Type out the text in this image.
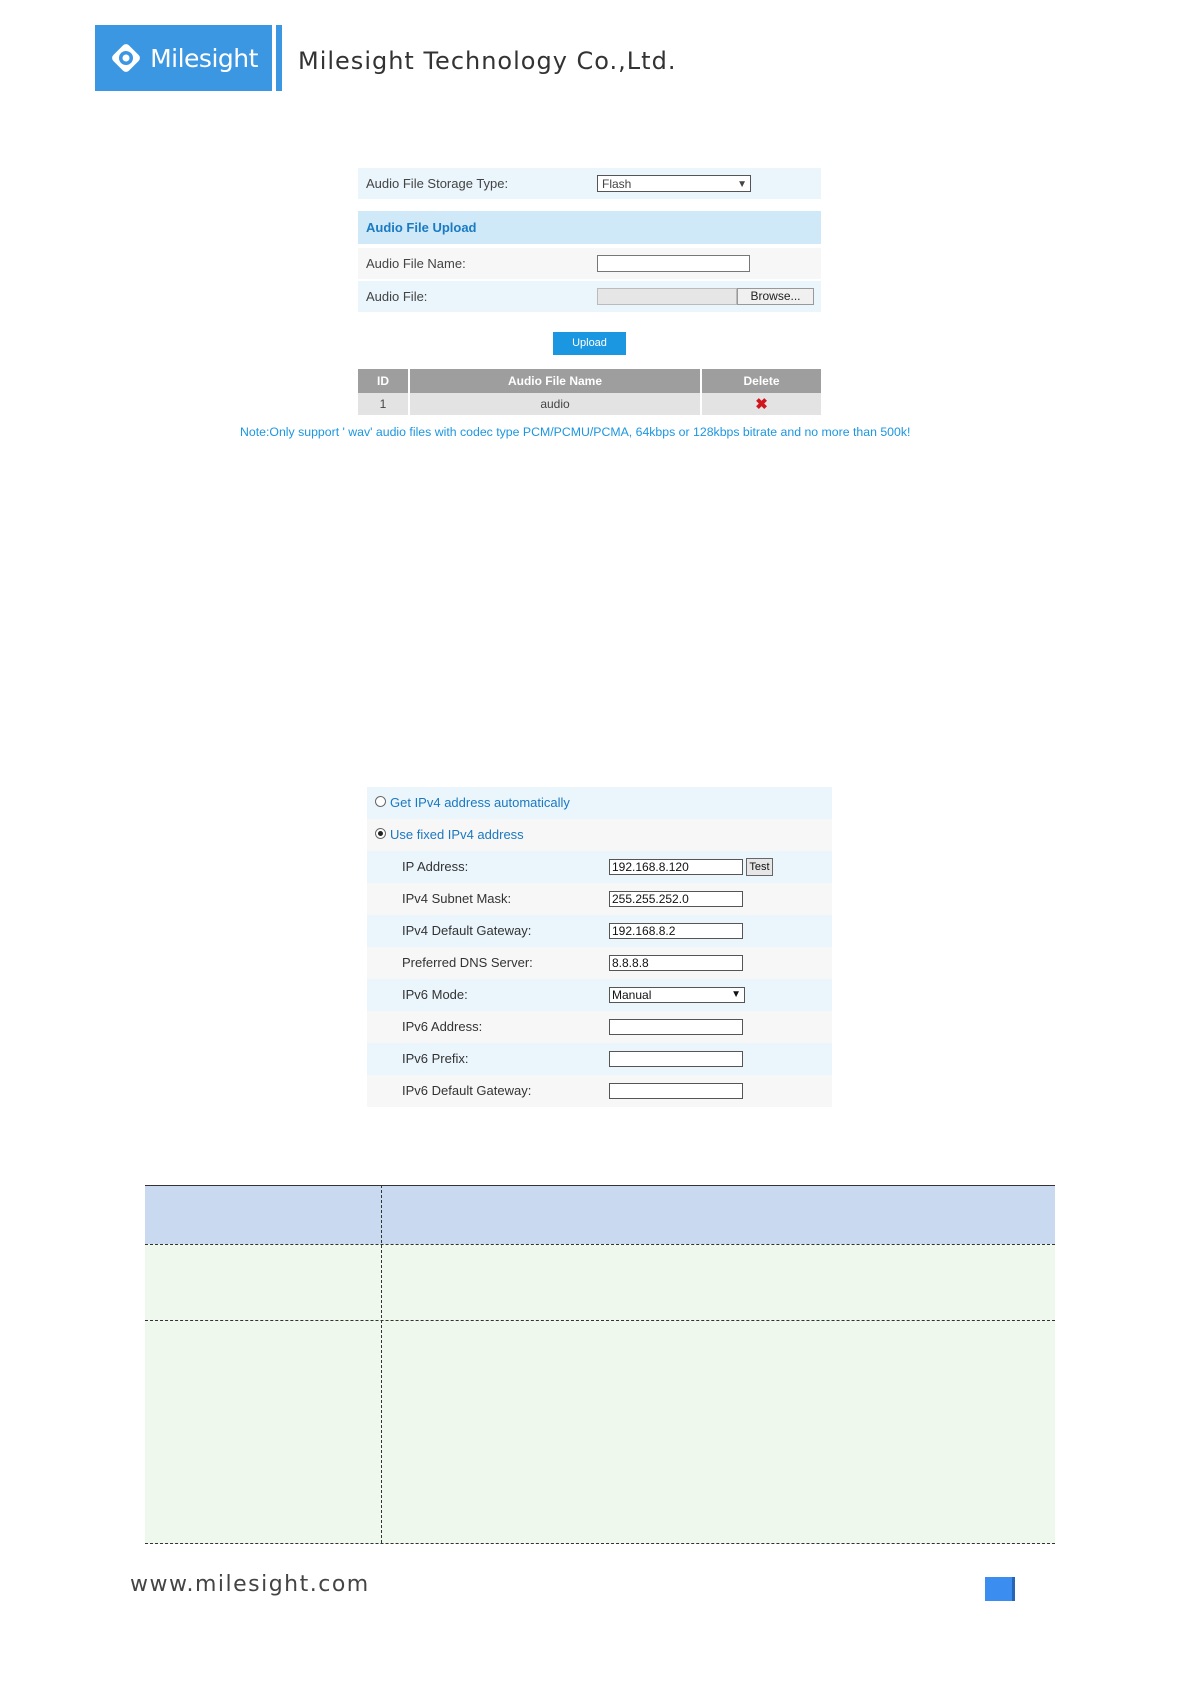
Milesight Milesight Technology Co.,Ltd.
Audio File Storage Type:	Flash	▼
Audio File Upload
Audio File Name:
Audio File:	Browse...
Upload
ID	Audio File Name	Delete
1	audio	✖
Note:Only support ' wav' audio files with codec type PCM/PCMU/PCMA, 64kbps or 128kbps bitrate and no more than 500k!
Get IPv4 address automatically
Use fixed IPv4 address
IP Address:	192.168.8.120	Test
IPv4 Subnet Mask:	255.255.252.0
IPv4 Default Gateway:	192.168.8.2
Preferred DNS Server:	8.8.8.8
IPv6 Mode:	Manual	▼
IPv6 Address:
IPv6 Prefix:
IPv6 Default Gateway:
www.milesight.com
